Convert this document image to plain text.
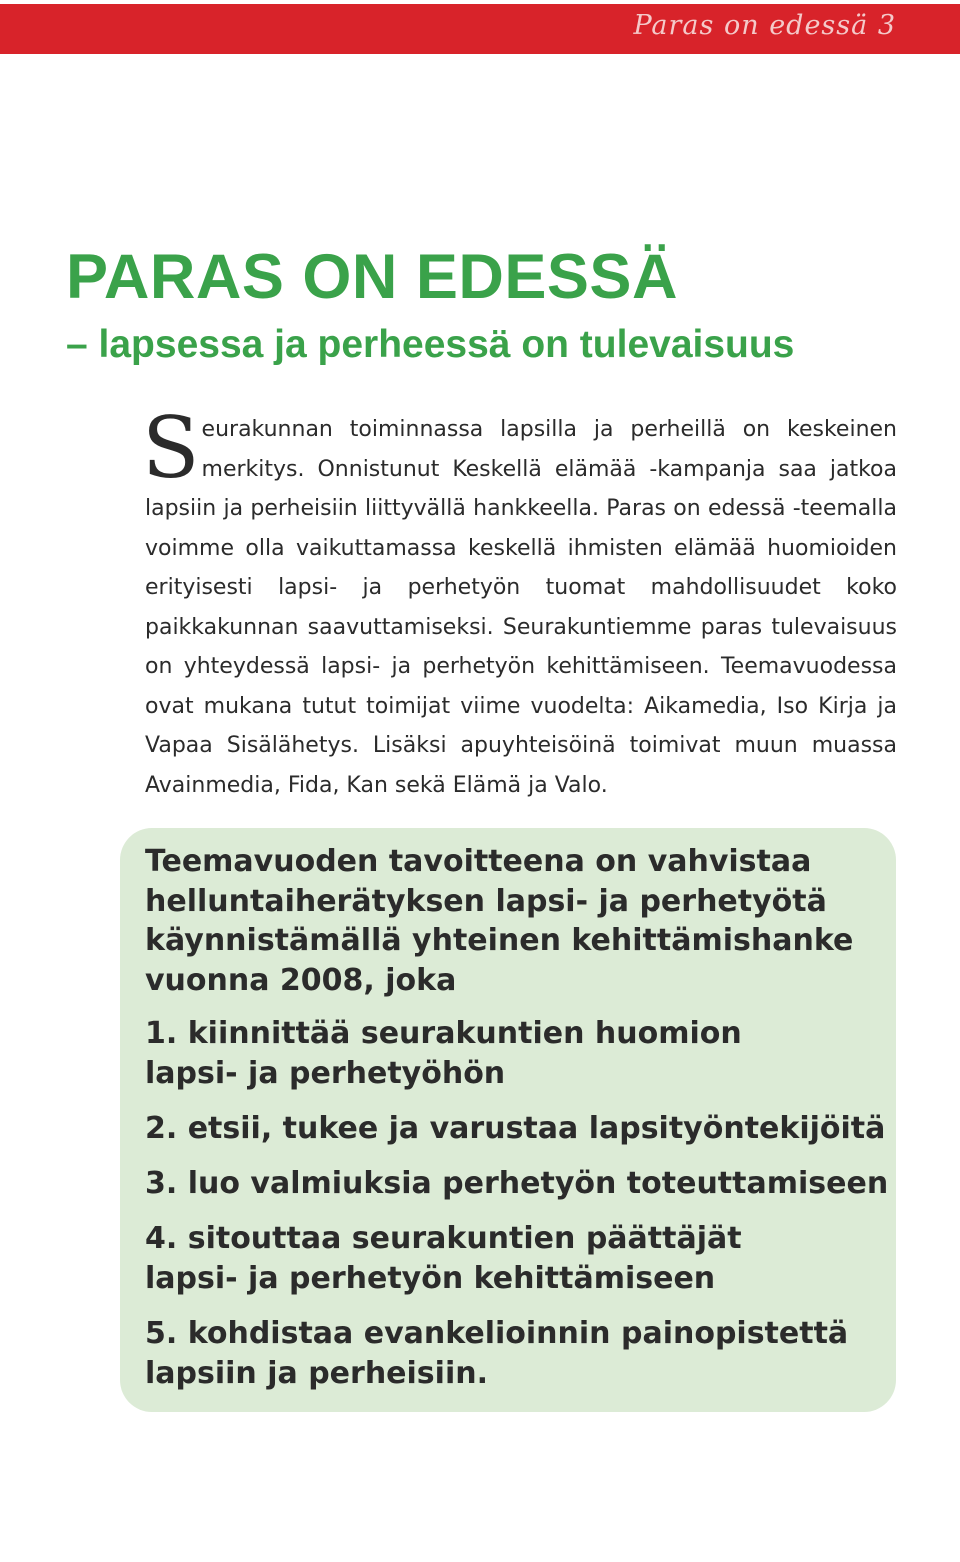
Paras on edessä 3
PARAS ON EDESSÄ
– lapsessa ja perheessä on tulevaisuus

Seurakunnan toiminnassa lapsilla ja perheillä on keskeinen merkitys. Onnistunut Keskellä elämää -kampanja saa jatkoa lapsiin ja perheisiin liittyvällä hankkeella. Paras on edessä -teemalla voimme olla vaikuttamassa keskellä ihmisten elämää huomioiden erityisesti lapsi- ja perhetyön tuomat mahdollisuudet koko paikkakunnan saavuttamiseksi. Seurakuntiemme paras tulevaisuus on yhteydessä lapsi- ja perhetyön kehittämiseen. Teemavuodessa ovat mukana tutut toimijat viime vuodelta: Aikamedia, Iso Kirja ja Vapaa Sisälähetys. Lisäksi apuyhteisöinä toimivat muun muassa Avainmedia, Fida, Kan sekä Elämä ja Valo.

Teemavuoden tavoitteena on vahvistaa helluntaiherätyksen lapsi- ja perhetyötä käynnistämällä yhteinen kehittämishanke vuonna 2008, joka

1. kiinnittää seurakuntien huomion
lapsi- ja perhetyöhön
2. etsii, tukee ja varustaa lapsityöntekijöitä
3. luo valmiuksia perhetyön toteuttamiseen
4. sitouttaa seurakuntien päättäjät
lapsi- ja perhetyön kehittämiseen
5. kohdistaa evankelioinnin painopistettä
lapsiin ja perheisiin.
